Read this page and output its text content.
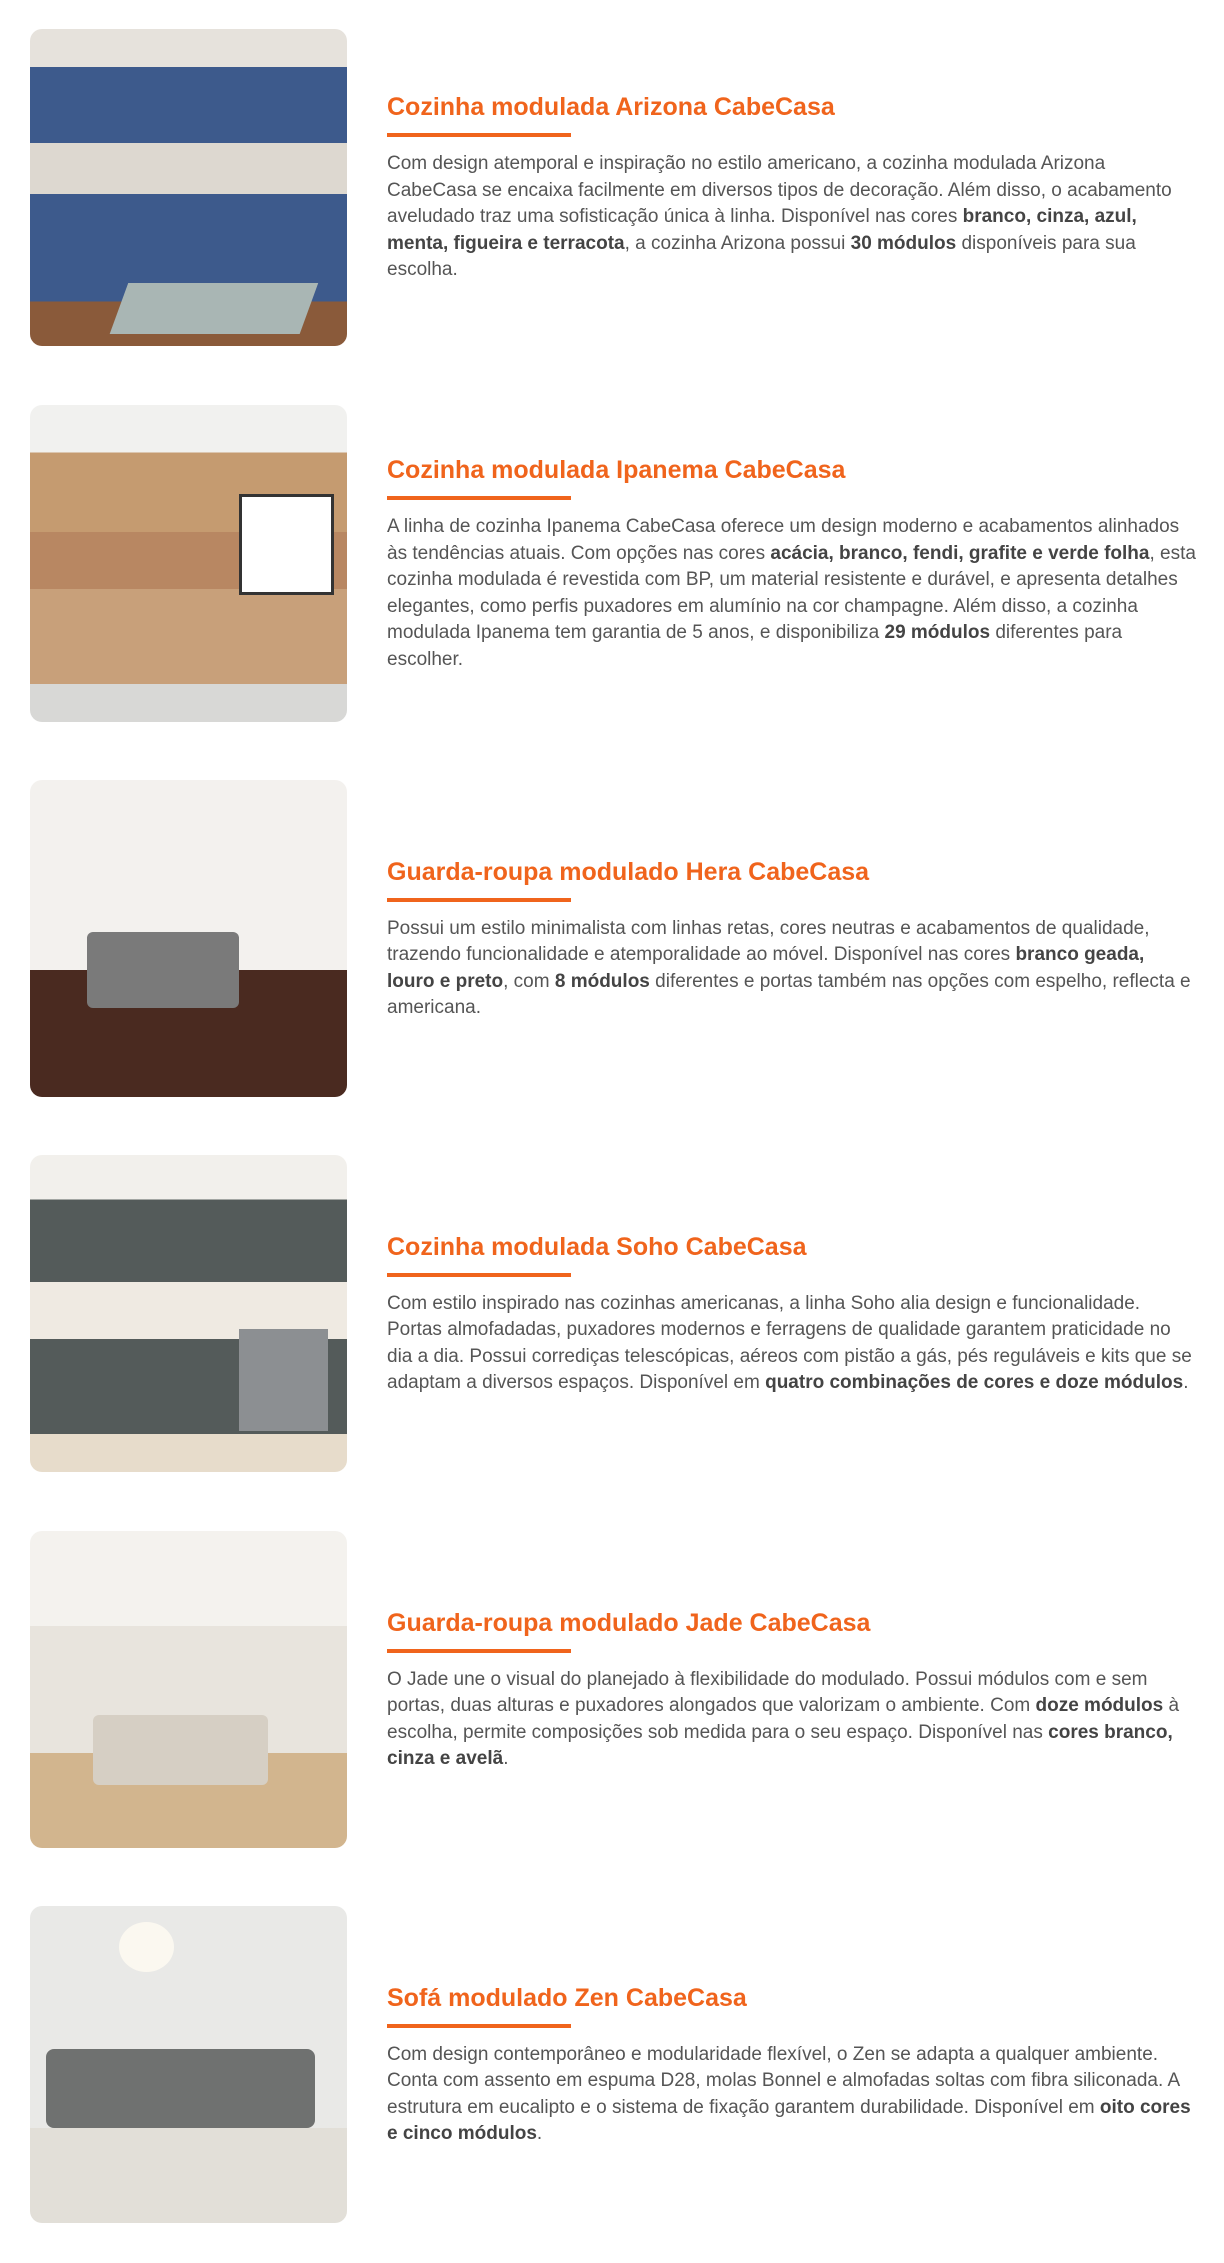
Cozinha modulada Arizona CabeCasa

Com design atemporal e inspiração no estilo americano, a cozinha modulada Arizona CabeCasa se encaixa facilmente em diversos tipos de decoração. Além disso, o acabamento aveludado traz uma sofisticação única à linha. Disponível nas cores branco, cinza, azul, menta, figueira e terracota, a cozinha Arizona possui 30 módulos disponíveis para sua escolha.

Cozinha modulada Ipanema CabeCasa

A linha de cozinha Ipanema CabeCasa oferece um design moderno e acabamentos alinhados às tendências atuais. Com opções nas cores acácia, branco, fendi, grafite e verde folha, esta cozinha modulada é revestida com BP, um material resistente e durável, e apresenta detalhes elegantes, como perfis puxadores em alumínio na cor champagne. Além disso, a cozinha modulada Ipanema tem garantia de 5 anos, e disponibiliza 29 módulos diferentes para escolher.

Guarda-roupa modulado Hera CabeCasa

Possui um estilo minimalista com linhas retas, cores neutras e acabamentos de qualidade, trazendo funcionalidade e atemporalidade ao móvel. Disponível nas cores branco geada, louro e preto, com 8 módulos diferentes e portas também nas opções com espelho, reflecta e americana.

Cozinha modulada Soho CabeCasa

Com estilo inspirado nas cozinhas americanas, a linha Soho alia design e funcionalidade. Portas almofadadas, puxadores modernos e ferragens de qualidade garantem praticidade no dia a dia. Possui corrediças telescópicas, aéreos com pistão a gás, pés reguláveis e kits que se adaptam a diversos espaços. Disponível em quatro combinações de cores e doze módulos.

Guarda-roupa modulado Jade CabeCasa

O Jade une o visual do planejado à flexibilidade do modulado. Possui módulos com e sem portas, duas alturas e puxadores alongados que valorizam o ambiente. Com doze módulos à escolha, permite composições sob medida para o seu espaço. Disponível nas cores branco, cinza e avelã.

Sofá modulado Zen CabeCasa

Com design contemporâneo e modularidade flexível, o Zen se adapta a qualquer ambiente. Conta com assento em espuma D28, molas Bonnel e almofadas soltas com fibra siliconada. A estrutura em eucalipto e o sistema de fixação garantem durabilidade. Disponível em oito cores e cinco módulos.
